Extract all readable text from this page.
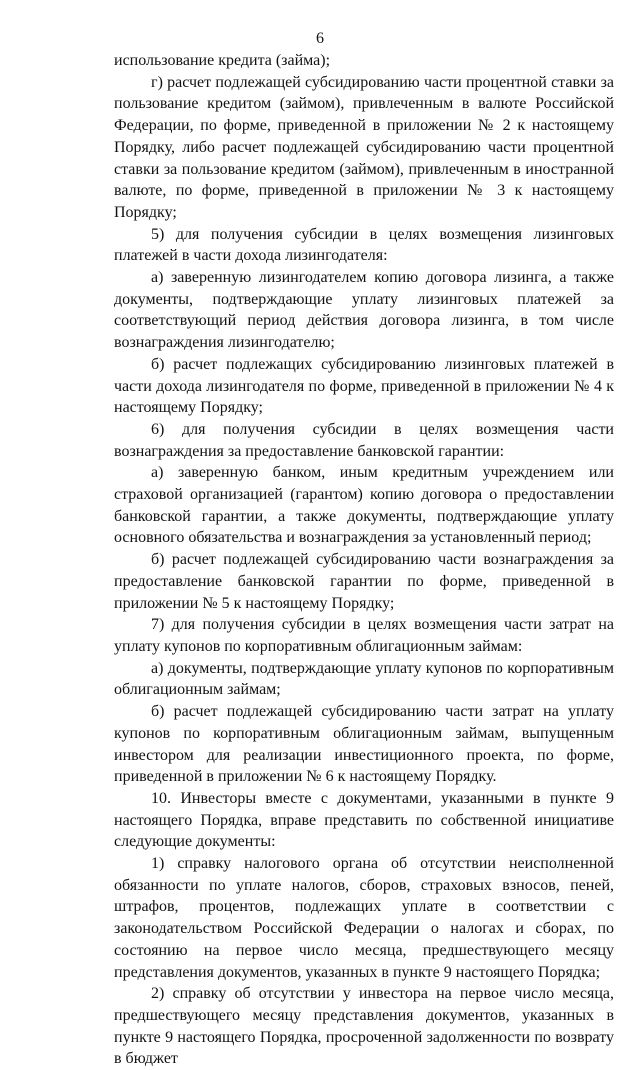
6

использование кредита (займа);

г) расчет подлежащей субсидированию части процентной ставки за пользование кредитом (займом), привлеченным в валюте Российской Федерации, по форме, приведенной в приложении № 2 к настоящему Порядку, либо расчет подлежащей субсидированию части процентной ставки за пользование кредитом (займом), привлеченным в иностранной валюте, по форме, приведенной в приложении № 3 к настоящему Порядку;

5) для получения субсидии в целях возмещения лизинговых платежей в части дохода лизингодателя:

а) заверенную лизингодателем копию договора лизинга, а также документы, подтверждающие уплату лизинговых платежей за соответствующий период действия договора лизинга, в том числе вознаграждения лизингодателю;

б) расчет подлежащих субсидированию лизинговых платежей в части дохода лизингодателя по форме, приведенной в приложении № 4 к настоящему Порядку;

6) для получения субсидии в целях возмещения части вознаграждения за предоставление банковской гарантии:

а) заверенную банком, иным кредитным учреждением или страховой организацией (гарантом) копию договора о предоставлении банковской гарантии, а также документы, подтверждающие уплату основного обязательства и вознаграждения за установленный период;

б) расчет подлежащей субсидированию части вознаграждения за предоставление банковской гарантии по форме, приведенной в приложении № 5 к настоящему Порядку;

7) для получения субсидии в целях возмещения части затрат на уплату купонов по корпоративным облигационным займам:

а) документы, подтверждающие уплату купонов по корпоративным облигационным займам;

б) расчет подлежащей субсидированию части затрат на уплату купонов по корпоративным облигационным займам, выпущенным инвестором для реализации инвестиционного проекта, по форме, приведенной в приложении № 6 к настоящему Порядку.

10. Инвесторы вместе с документами, указанными в пункте 9 настоящего Порядка, вправе представить по собственной инициативе следующие документы:

1) справку налогового органа об отсутствии неисполненной обязанности по уплате налогов, сборов, страховых взносов, пеней, штрафов, процентов, подлежащих уплате в соответствии с законодательством Российской Федерации о налогах и сборах, по состоянию на первое число месяца, предшествующего месяцу представления документов, указанных в пункте 9 настоящего Порядка;

2) справку об отсутствии у инвестора на первое число месяца, предшествующего месяцу представления документов, указанных в пункте 9 настоящего Порядка, просроченной задолженности по возврату в бюджет
